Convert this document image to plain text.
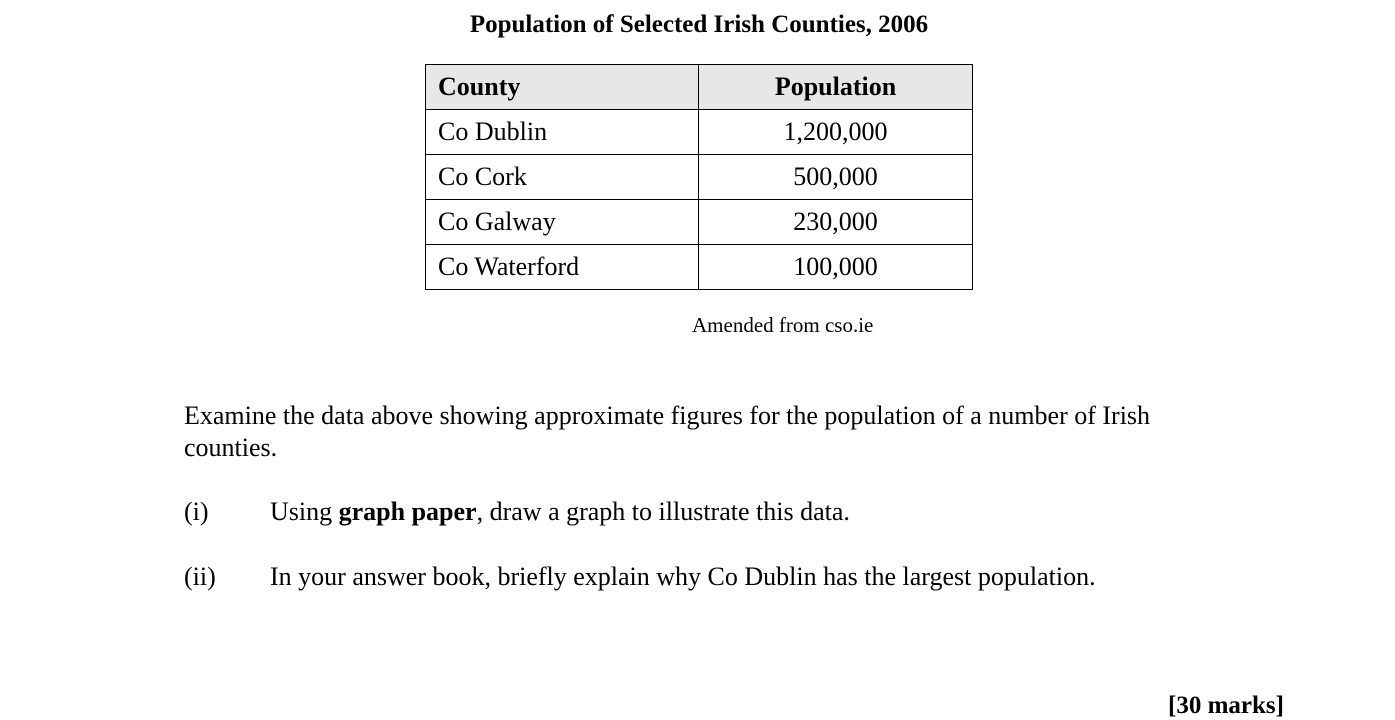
Population of Selected Irish Counties, 2006
County	Population
Co Dublin	1,200,000
Co Cork	500,000
Co Galway	230,000
Co Waterford	100,000
Amended from cso.ie
Examine the data above showing approximate figures for the population of a number of Irish counties.
(i) Using graph paper, draw a graph to illustrate this data.
(ii) In your answer book, briefly explain why Co Dublin has the largest population.
[30 marks]
